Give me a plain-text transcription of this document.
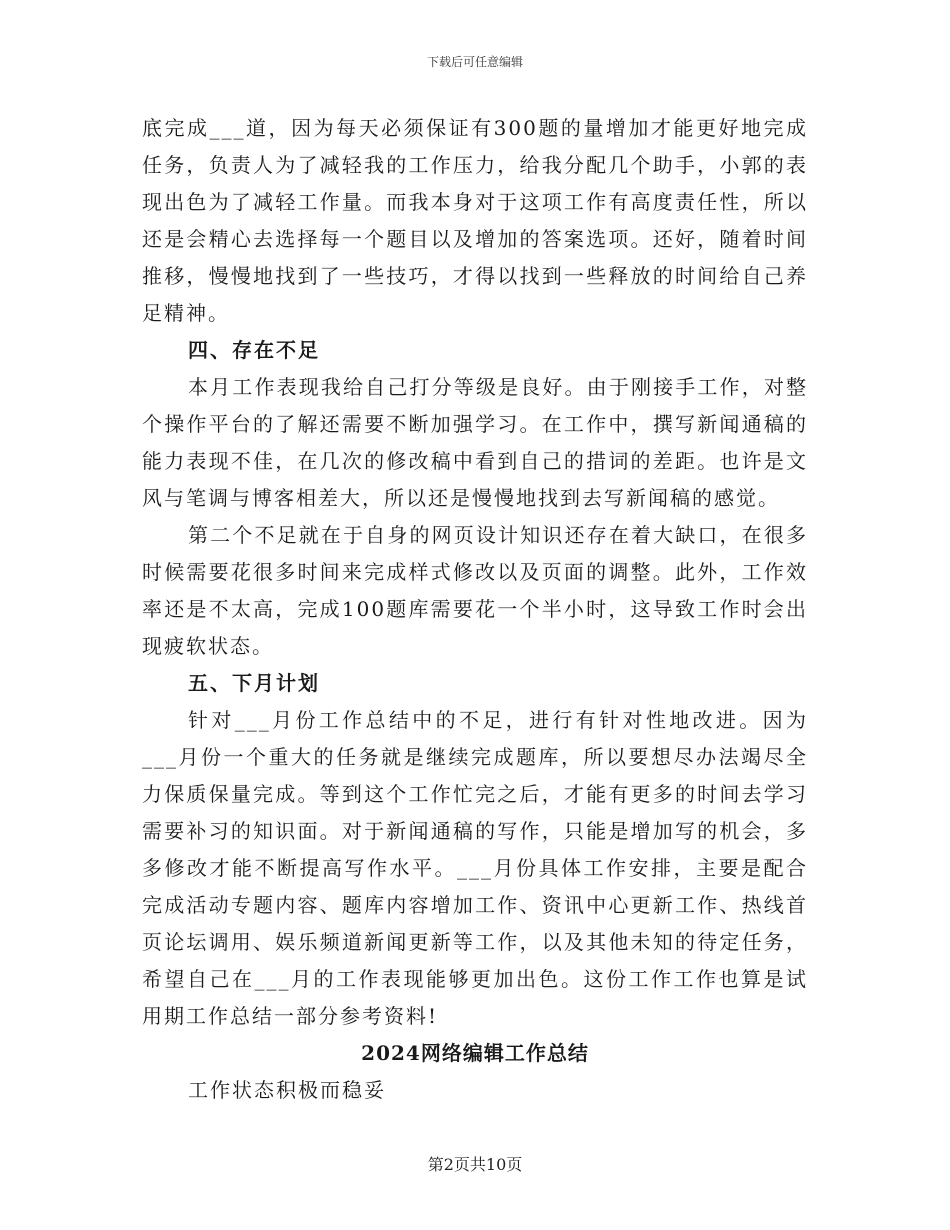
下载后可任意编辑

底完成___道，因为每天必须保证有300题的量增加才能更好地完成任务，负责人为了减轻我的工作压力，给我分配几个助手，小郭的表现出色为了减轻工作量。而我本身对于这项工作有高度责任性，所以还是会精心去选择每一个题目以及增加的答案选项。还好，随着时间推移，慢慢地找到了一些技巧，才得以找到一些释放的时间给自己养足精神。

四、存在不足

本月工作表现我给自己打分等级是良好。由于刚接手工作，对整个操作平台的了解还需要不断加强学习。在工作中，撰写新闻通稿的能力表现不佳，在几次的修改稿中看到自己的措词的差距。也许是文风与笔调与博客相差大，所以还是慢慢地找到去写新闻稿的感觉。

第二个不足就在于自身的网页设计知识还存在着大缺口，在很多时候需要花很多时间来完成样式修改以及页面的调整。此外，工作效率还是不太高，完成100题库需要花一个半小时，这导致工作时会出现疲软状态。

五、下月计划

针对___月份工作总结中的不足，进行有针对性地改进。因为___月份一个重大的任务就是继续完成题库，所以要想尽办法竭尽全力保质保量完成。等到这个工作忙完之后，才能有更多的时间去学习需要补习的知识面。对于新闻通稿的写作，只能是增加写的机会，多多修改才能不断提高写作水平。___月份具体工作安排，主要是配合完成活动专题内容、题库内容增加工作、资讯中心更新工作、热线首页论坛调用、娱乐频道新闻更新等工作，以及其他未知的待定任务，希望自己在___月的工作表现能够更加出色。这份工作工作也算是试用期工作总结一部分参考资料!

2024网络编辑工作总结

工作状态积极而稳妥

第2页共10页
